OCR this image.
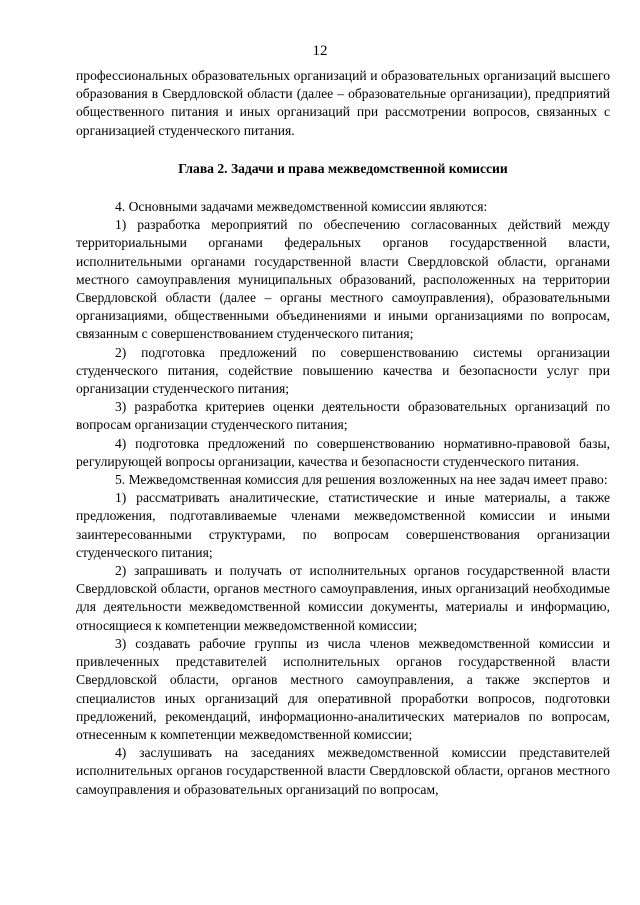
12

профессиональных образовательных организаций и образовательных организаций высшего образования в Свердловской области (далее – образовательные организации), предприятий общественного питания и иных организаций при рассмотрении вопросов, связанных с организацией студенческого питания.

Глава 2. Задачи и права межведомственной комиссии

4. Основными задачами межведомственной комиссии являются:

1) разработка мероприятий по обеспечению согласованных действий между территориальными органами федеральных органов государственной власти, исполнительными органами государственной власти Свердловской области, органами местного самоуправления муниципальных образований, расположенных на территории Свердловской области (далее – органы местного самоуправления), образовательными организациями, общественными объединениями и иными организациями по вопросам, связанным с совершенствованием студенческого питания;

2) подготовка предложений по совершенствованию системы организации студенческого питания, содействие повышению качества и безопасности услуг при организации студенческого питания;

3) разработка критериев оценки деятельности образовательных организаций по вопросам организации студенческого питания;

4) подготовка предложений по совершенствованию нормативно-правовой базы, регулирующей вопросы организации, качества и безопасности студенческого питания.

5. Межведомственная комиссия для решения возложенных на нее задач имеет право:

1) рассматривать аналитические, статистические и иные материалы, а также предложения, подготавливаемые членами межведомственной комиссии и иными заинтересованными структурами, по вопросам совершенствования организации студенческого питания;

2) запрашивать и получать от исполнительных органов государственной власти Свердловской области, органов местного самоуправления, иных организаций необходимые для деятельности межведомственной комиссии документы, материалы и информацию, относящиеся к компетенции межведомственной комиссии;

3) создавать рабочие группы из числа членов межведомственной комиссии и привлеченных представителей исполнительных органов государственной власти Свердловской области, органов местного самоуправления, а также экспертов и специалистов иных организаций для оперативной проработки вопросов, подготовки предложений, рекомендаций, информационно-аналитических материалов по вопросам, отнесенным к компетенции межведомственной комиссии;

4) заслушивать на заседаниях межведомственной комиссии представителей исполнительных органов государственной власти Свердловской области, органов местного самоуправления и образовательных организаций по вопросам,
